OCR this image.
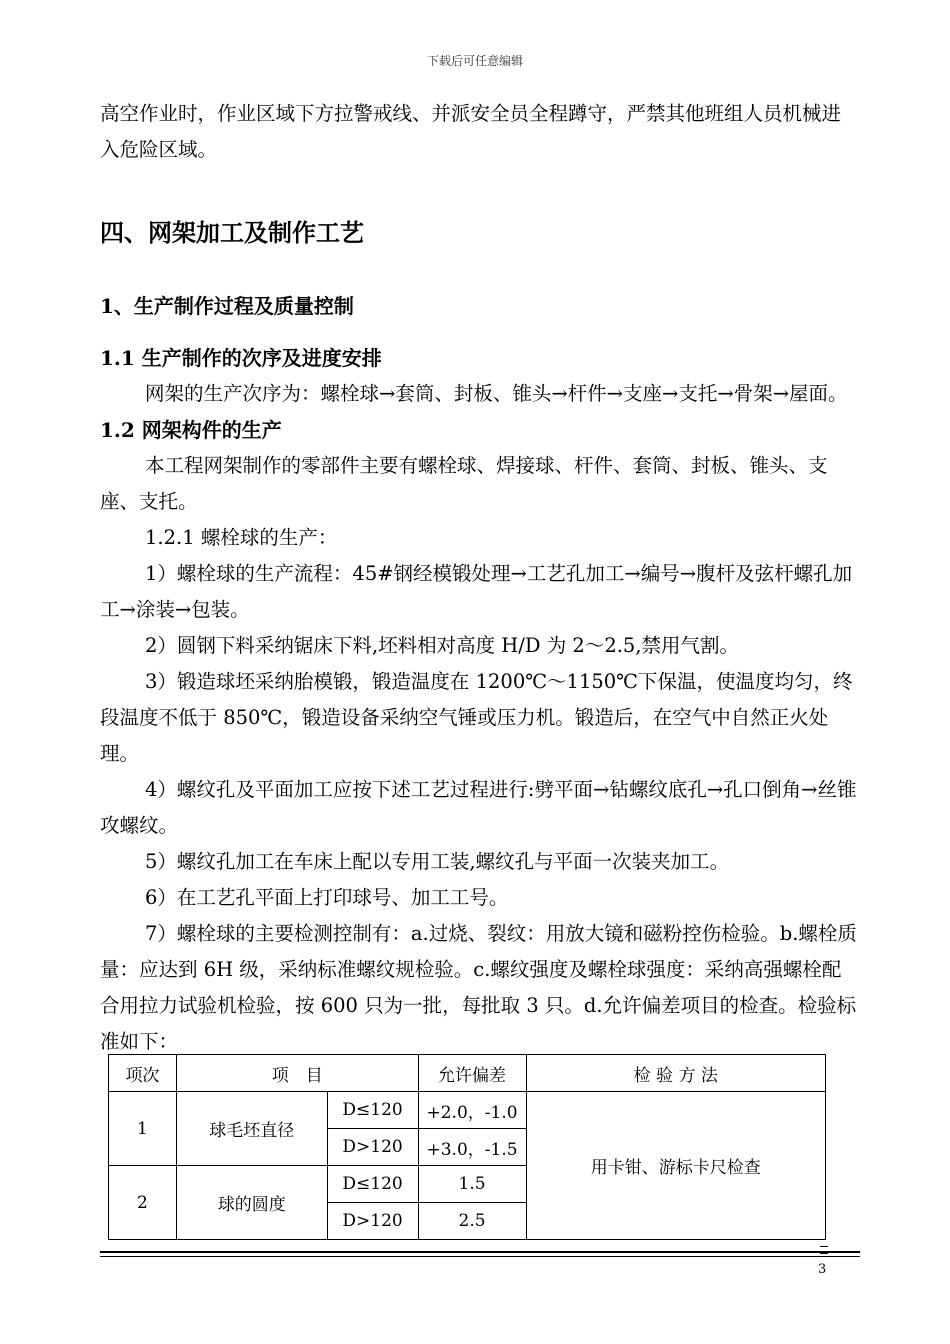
下载后可任意编辑

高空作业时，作业区域下方拉警戒线、并派安全员全程蹲守，严禁其他班组人员机械进入危险区域。

四、网架加工及制作工艺

1、生产制作过程及质量控制

1.1 生产制作的次序及进度安排

网架的生产次序为：螺栓球→套筒、封板、锥头→杆件→支座→支托→骨架→屋面。

1.2 网架构件的生产

本工程网架制作的零部件主要有螺栓球、焊接球、杆件、套筒、封板、锥头、支座、支托。

1.2.1 螺栓球的生产：

1）螺栓球的生产流程：45#钢经模锻处理→工艺孔加工→编号→腹杆及弦杆螺孔加工→涂装→包装。

2）圆钢下料采纳锯床下料,坯料相对高度 H/D 为 2～2.5,禁用气割。

3）锻造球坯采纳胎模锻，锻造温度在 1200℃～1150℃下保温，使温度均匀，终段温度不低于 850℃，锻造设备采纳空气锤或压力机。锻造后，在空气中自然正火处理。

4）螺纹孔及平面加工应按下述工艺过程进行:劈平面→钻螺纹底孔→孔口倒角→丝锥攻螺纹。

5）螺纹孔加工在车床上配以专用工装,螺纹孔与平面一次装夹加工。

6）在工艺孔平面上打印球号、加工工号。

7）螺栓球的主要检测控制有：a.过烧、裂纹：用放大镜和磁粉控伤检验。b.螺栓质量：应达到 6H 级，采纳标准螺纹规检验。c.螺纹强度及螺栓球强度：采纳高强螺栓配合用拉力试验机检验，按 600 只为一批，每批取 3 只。d.允许偏差项目的检查。检验标准如下：

项次	项　目		允许偏差	检 验 方 法
1	球毛坯直径	D≤120	+2.0，-1.0	用卡钳、游标卡尺检查
		D>120	+3.0，-1.5	
2	球的圆度	D≤120	1.5	
		D>120	2.5	
3
